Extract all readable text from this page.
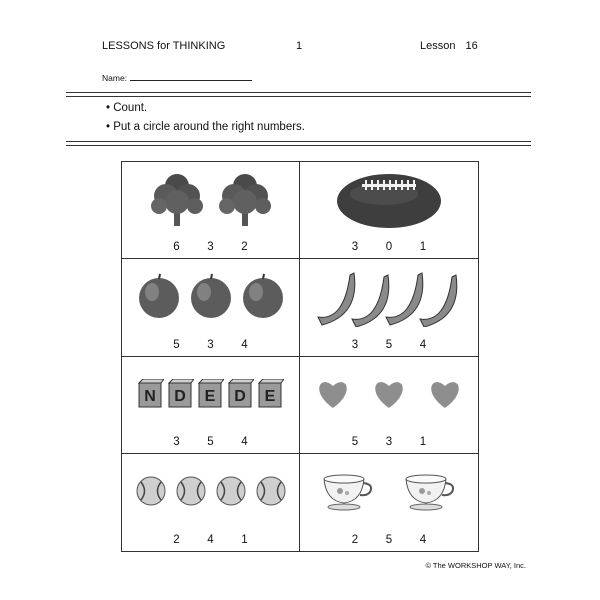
LESSONS for THINKING	1	Lesson 16
Name:
• Count.
• Put a circle around the right numbers.
6 3 2	3 0 1
5 3 4	3 5 4
N D E D E
3 5 4	5 3 1
2 4 1	2 5 4
© The WORKSHOP WAY, Inc.
